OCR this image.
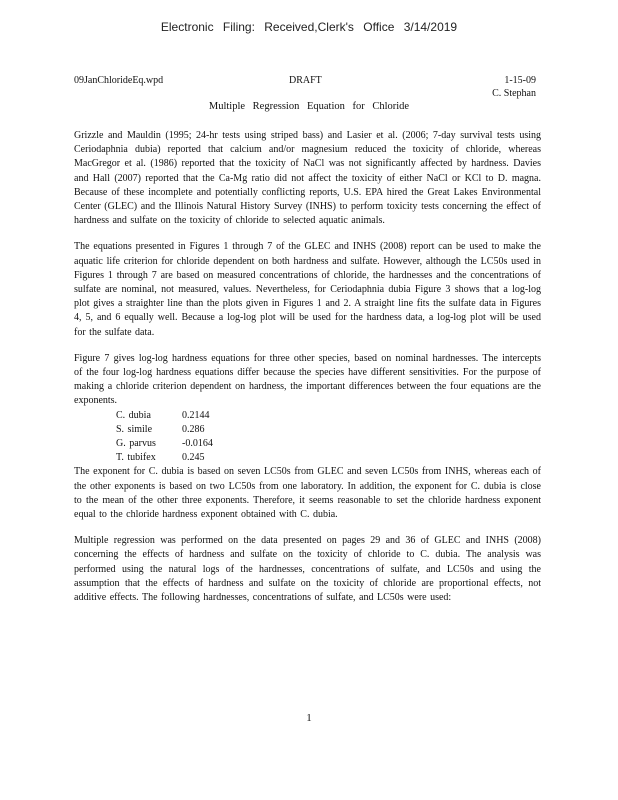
Electronic Filing: Received,Clerk's Office 3/14/2019
09JanChlorideEq.wpd	DRAFT	1-15-09
C. Stephan
Multiple Regression Equation for Chloride

Grizzle and Mauldin (1995; 24-hr tests using striped bass) and Lasier et al. (2006; 7-day survival tests using Ceriodaphnia dubia) reported that calcium and/or magnesium reduced the toxicity of chloride, whereas MacGregor et al. (1986) reported that the toxicity of NaCl was not significantly affected by hardness. Davies and Hall (2007) reported that the Ca-Mg ratio did not affect the toxicity of either NaCl or KCl to D. magna. Because of these incomplete and potentially conflicting reports, U.S. EPA hired the Great Lakes Environmental Center (GLEC) and the Illinois Natural History Survey (INHS) to perform toxicity tests concerning the effect of hardness and sulfate on the toxicity of chloride to selected aquatic animals.

The equations presented in Figures 1 through 7 of the GLEC and INHS (2008) report can be used to make the aquatic life criterion for chloride dependent on both hardness and sulfate. However, although the LC50s used in Figures 1 through 7 are based on measured concentrations of chloride, the hardnesses and the concentrations of sulfate are nominal, not measured, values. Nevertheless, for Ceriodaphnia dubia Figure 3 shows that a log-log plot gives a straighter line than the plots given in Figures 1 and 2. A straight line fits the sulfate data in Figures 4, 5, and 6 equally well. Because a log-log plot will be used for the hardness data, a log-log plot will be used for the sulfate data.

Figure 7 gives log-log hardness equations for three other species, based on nominal hardnesses. The intercepts of the four log-log hardness equations differ because the species have different sensitivities. For the purpose of making a chloride criterion dependent on hardness, the important differences between the four equations are the exponents.

C. dubia	0.2144
S. simile	0.286
G. parvus	-0.0164
T. tubifex	0.245

The exponent for C. dubia is based on seven LC50s from GLEC and seven LC50s from INHS, whereas each of the other exponents is based on two LC50s from one laboratory. In addition, the exponent for C. dubia is close to the mean of the other three exponents. Therefore, it seems reasonable to set the chloride hardness exponent equal to the chloride hardness exponent obtained with C. dubia.

Multiple regression was performed on the data presented on pages 29 and 36 of GLEC and INHS (2008) concerning the effects of hardness and sulfate on the toxicity of chloride to C. dubia. The analysis was performed using the natural logs of the hardnesses, concentrations of sulfate, and LC50s and using the assumption that the effects of hardness and sulfate on the toxicity of chloride are proportional effects, not additive effects. The following hardnesses, concentrations of sulfate, and LC50s were used:

1
